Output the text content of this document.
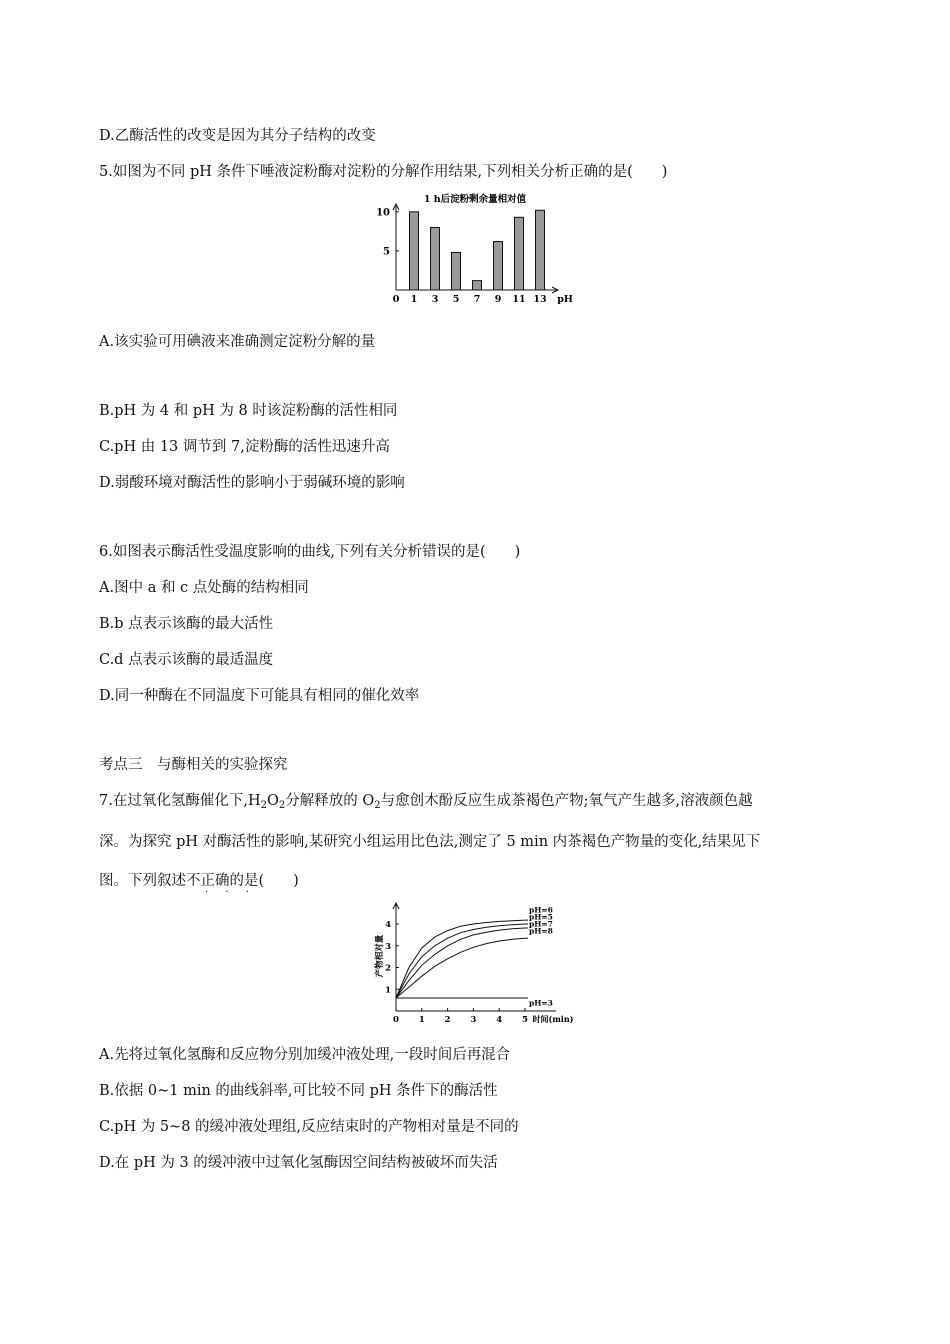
D.乙酶活性的改变是因为其分子结构的改变
5.如图为不同 pH 条件下唾液淀粉酶对淀粉的分解作用结果,下列相关分析正确的是(　　)
1 h后淀粉剩余量相对值
5
10
0 1 3 5 7 9 11 13 pH
A.该实验可用碘液来准确测定淀粉分解的量
B.pH 为 4 和 pH 为 8 时该淀粉酶的活性相同
C.pH 由 13 调节到 7,淀粉酶的活性迅速升高
D.弱酸环境对酶活性的影响小于弱碱环境的影响
6.如图表示酶活性受温度影响的曲线,下列有关分析错误的是(　　)
A.图中 a 和 c 点处酶的结构相同
B.b 点表示该酶的最大活性
C.d 点表示该酶的最适温度
D.同一种酶在不同温度下可能具有相同的催化效率
考点三　与酶相关的实验探究
7.在过氧化氢酶催化下$,H_2O_2$分解释放的 $O_2$与愈创木酚反应生成茶褐色产物;氧气产生越多,溶液颜色越
深。为探究 pH 对酶活性的影响,某研究小组运用比色法,测定了 5 min 内茶褐色产物量的变化,结果见下
图。下列叙述不正确的是(　　)
· · ·
产物相对量
1
2
3
4
0 1 2 3 4 5 时间(min)
pH=6
pH=5
pH=7
pH=8
pH=3
A.先将过氧化氢酶和反应物分别加缓冲液处理,一段时间后再混合
B.依据 0~1 min 的曲线斜率,可比较不同 pH 条件下的酶活性
C.pH 为 5~8 的缓冲液处理组,反应结束时的产物相对量是不同的
D.在 pH 为 3 的缓冲液中过氧化氢酶因空间结构被破坏而失活
